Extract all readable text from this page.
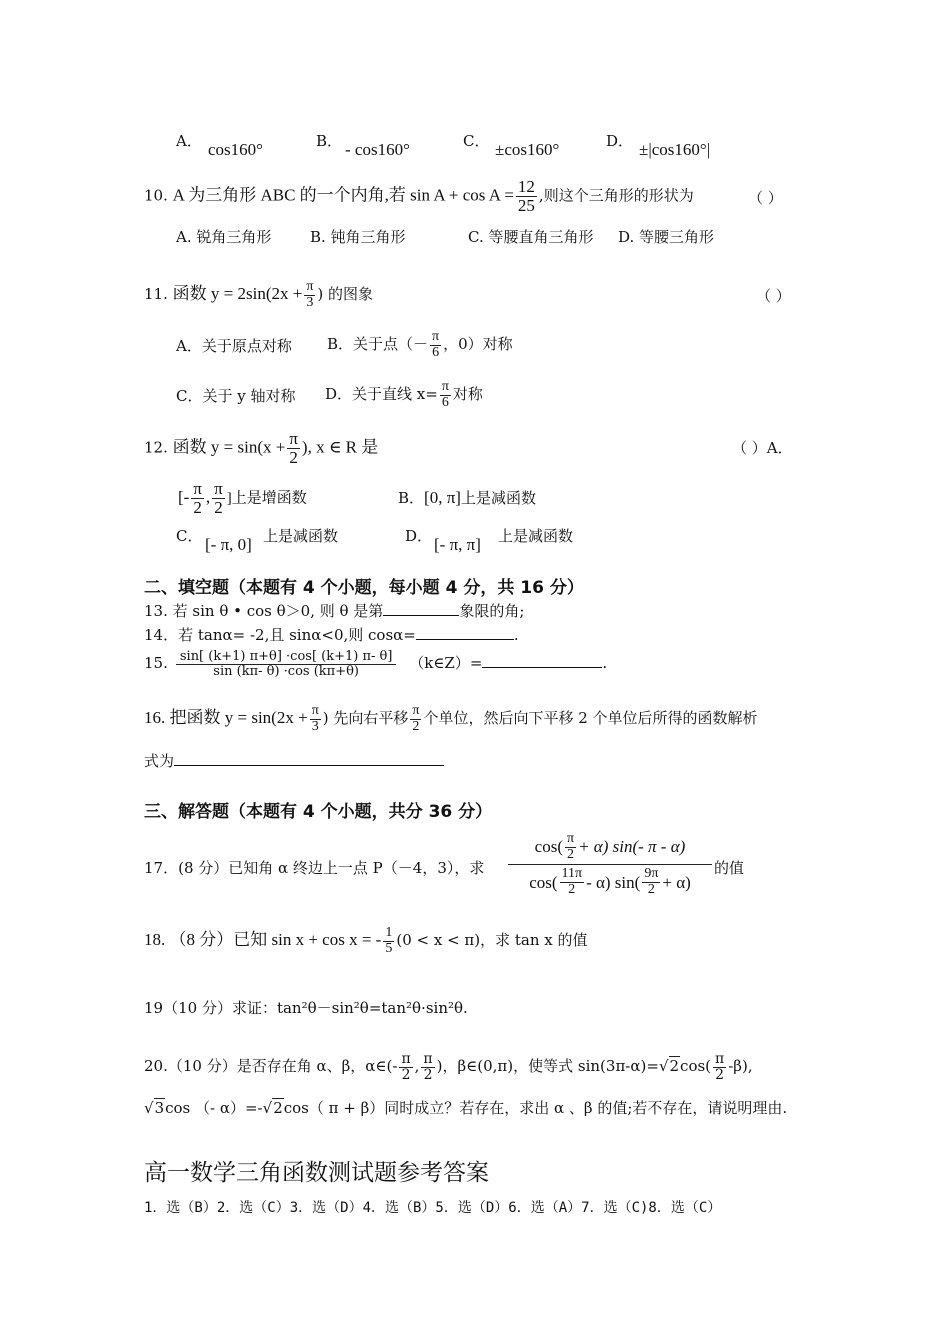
A． cos160°	B． - cos160°	C． ±cos160°	D． ±|cos160°|
10. A 为三角形 ABC 的一个内角,若 $\sin A + \cos A = \frac{12}{25}$ ,则这个三角形的形状为	（ ）
A. 锐角三角形	B. 钝角三角形	C. 等腰直角三角形 D. 等腰三角形
11. 函数 $y = 2\sin(2x + \frac{\pi}{3}$ ) 的图象	（ ）
A．关于原点对称 B．关于点（－ $\frac{\pi}{6}$ ，0）对称
C．关于 y 轴对称 D．关于直线 $x= \frac{\pi}{6}$ 对称
12. 函数 $y = \sin(x + \frac{\pi}{2}$ ), x ∈ R 是	（ ）A．
[- $\frac{\pi}{2}$ , $\frac{\pi}{2}$ ]上是增函数	B．[0, π]上是减函数
C． [- π, 0] 上是减函数	D． [- π, π] 上是减函数
二、填空题（本题有 4 个小题，每小题 4 分，共 16 分）
13. 若 sin θ • cos θ＞0, 则 θ 是第	象限的角;
14．若 tanα= -2,且 sinα<0,则 cosα=	.
15. $\frac{\sin[ (k+1) \pi+\theta] \cdot\cos[ (k+1) \pi- \theta]}{\sin (k\pi- \theta) \cdot\cos (k\pi+\theta)}$ （k∈Z）=	.
16. 把函数 $y = \sin(2x + \frac{\pi}{3}$ ) 先向右平移 $\frac{\pi}{2}$ 个单位，然后向下平移 2 个单位后所得的函数解析
式为
三、解答题（本题有 4 个小题，共分 36 分）
17．(8 分）已知角 α 终边上一点 P（－4，3），求 $\frac{\cos( \frac{\pi}{2} + \alpha) \sin(- \pi - \alpha)}{\cos( \frac{11\pi}{2} - \alpha) \sin( \frac{9\pi}{2} + \alpha)}$ 的值
18. （8 分）已知 sin x + cos x = - $\frac{1}{5} (0 < x < \pi)$，求 tan x 的值
19（10 分）求证：tan²θ－sin²θ=tan²θ·sin²θ.
20.（10 分）是否存在角 α、β，α∈(- $\frac{\pi}{2}$ , $\frac{\pi}{2}$ )，β∈(0,π)，使等式 $\sin(3\pi-\alpha)=√2\cos( \frac{\pi}{2} -\beta)$,
√3cos （- α）=-√2cos（ π + β）同时成立？若存在，求出 α 、β 的值;若不存在，请说明理由.
高一数学三角函数测试题参考答案
1．选（B）2．选（C）3．选（D）4．选（B）5．选（D）6．选（A）7．选（C)8．选（C）
